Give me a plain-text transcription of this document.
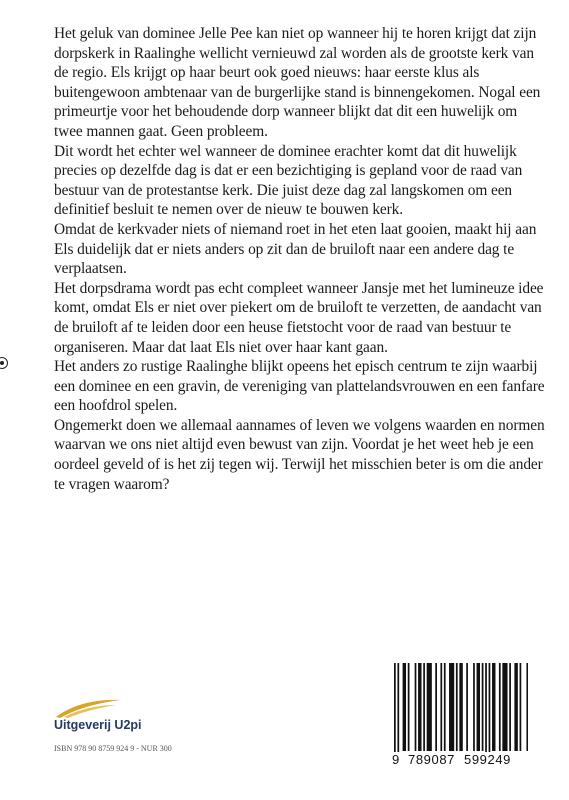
Het geluk van dominee Jelle Pee kan niet op wanneer hij te horen krijgt dat zijn dorpskerk in Raalinghe wellicht vernieuwd zal worden als de grootste kerk van de regio. Els krijgt op haar beurt ook goed nieuws: haar eerste klus als buitengewoon ambtenaar van de burgerlijke stand is binnengekomen. Nogal een primeurtje voor het behoudende dorp wanneer blijkt dat dit een huwelijk om twee mannen gaat. Geen probleem.

Dit wordt het echter wel wanneer de dominee erachter komt dat dit huwelijk precies op dezelfde dag is dat er een bezichtiging is gepland voor de raad van bestuur van de protestantse kerk. Die juist deze dag zal langskomen om een definitief besluit te nemen over de nieuw te bouwen kerk.

Omdat de kerkvader niets of niemand roet in het eten laat gooien, maakt hij aan Els duidelijk dat er niets anders op zit dan de bruiloft naar een andere dag te verplaatsen.

Het dorpsdrama wordt pas echt compleet wanneer Jansje met het lumineuze idee komt, omdat Els er niet over piekert om de bruiloft te verzetten, de aandacht van de bruiloft af te leiden door een heuse fietstocht voor de raad van bestuur te organiseren. Maar dat laat Els niet over haar kant gaan.

Het anders zo rustige Raalinghe blijkt opeens het episch centrum te zijn waarbij een dominee en een gravin, de vereniging van plattelandsvrouwen en een fanfare een hoofdrol spelen.

Ongemerkt doen we allemaal aannames of leven we volgens waarden en normen waarvan we ons niet altijd even bewust van zijn. Voordat je het weet heb je een oordeel geveld of is het zij tegen wij. Terwijl het misschien beter is om die ander te vragen waarom?

Uitgeverij U2pi
ISBN 978 90 8759 924 9 - NUR 300
9 789087 599249
